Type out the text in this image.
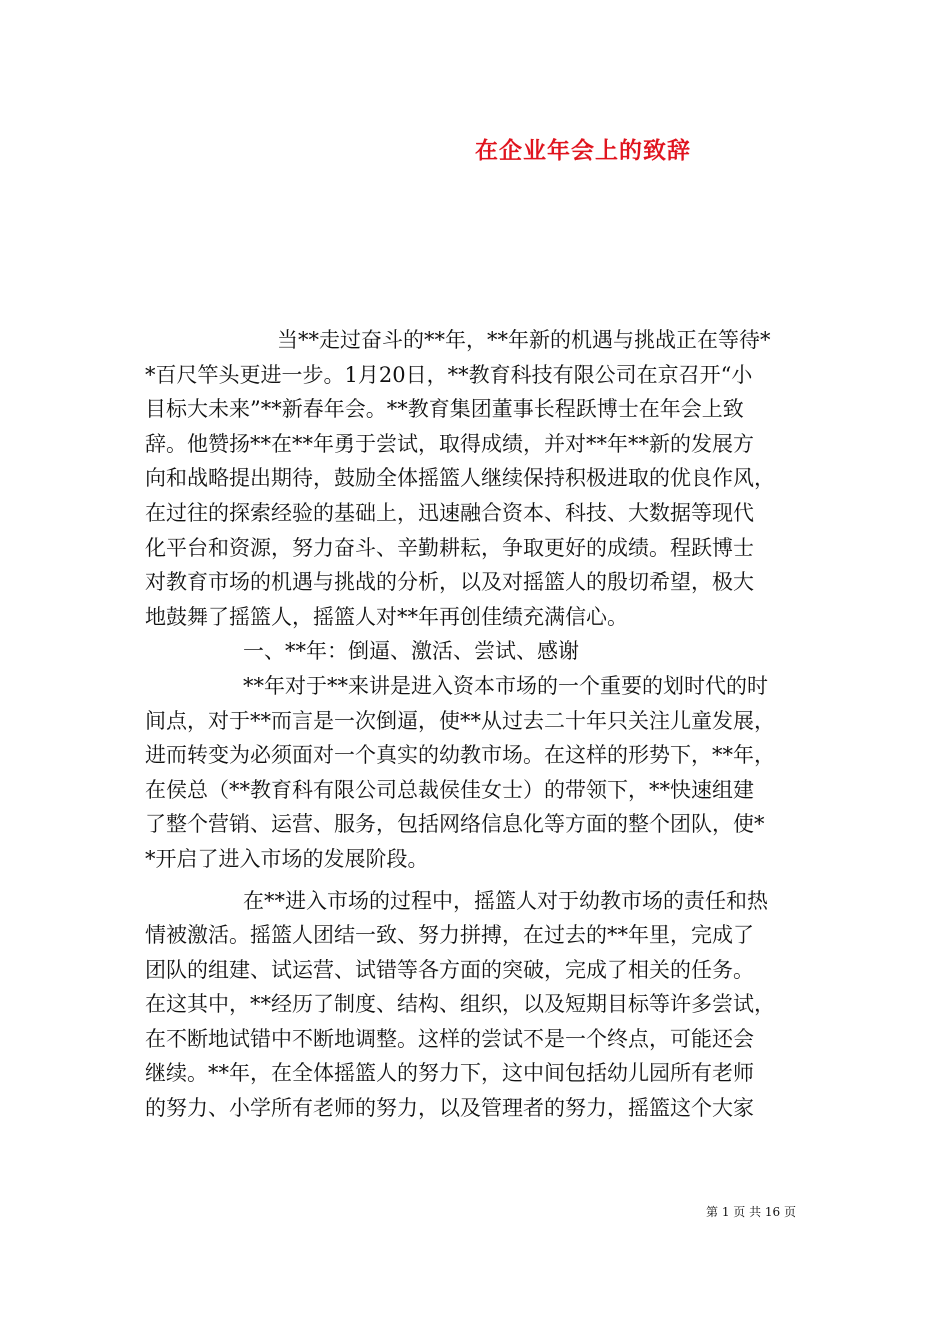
在企业年会上的致辞
当**走过奋斗的**年，**年新的机遇与挑战正在等待*
*百尺竿头更进一步。1月20日，**教育科技有限公司在京召开“小
目标大未来”**新春年会。**教育集团董事长程跃博士在年会上致
辞。他赞扬**在**年勇于尝试，取得成绩，并对**年**新的发展方
向和战略提出期待，鼓励全体摇篮人继续保持积极进取的优良作风，
在过往的探索经验的基础上，迅速融合资本、科技、大数据等现代
化平台和资源，努力奋斗、辛勤耕耘，争取更好的成绩。程跃博士
对教育市场的机遇与挑战的分析，以及对摇篮人的殷切希望，极大
地鼓舞了摇篮人，摇篮人对**年再创佳绩充满信心。
一、**年：倒逼、激活、尝试、感谢
**年对于**来讲是进入资本市场的一个重要的划时代的时
间点，对于**而言是一次倒逼，使**从过去二十年只关注儿童发展，
进而转变为必须面对一个真实的幼教市场。在这样的形势下，**年，
在侯总（**教育科有限公司总裁侯佳女士）的带领下，**快速组建
了整个营销、运营、服务，包括网络信息化等方面的整个团队，使*
*开启了进入市场的发展阶段。
在**进入市场的过程中，摇篮人对于幼教市场的责任和热
情被激活。摇篮人团结一致、努力拼搏，在过去的**年里，完成了
团队的组建、试运营、试错等各方面的突破，完成了相关的任务。
在这其中，**经历了制度、结构、组织，以及短期目标等许多尝试，
在不断地试错中不断地调整。这样的尝试不是一个终点，可能还会
继续。**年，在全体摇篮人的努力下，这中间包括幼儿园所有老师
的努力、小学所有老师的努力，以及管理者的努力，摇篮这个大家
第 1 页 共 16 页
